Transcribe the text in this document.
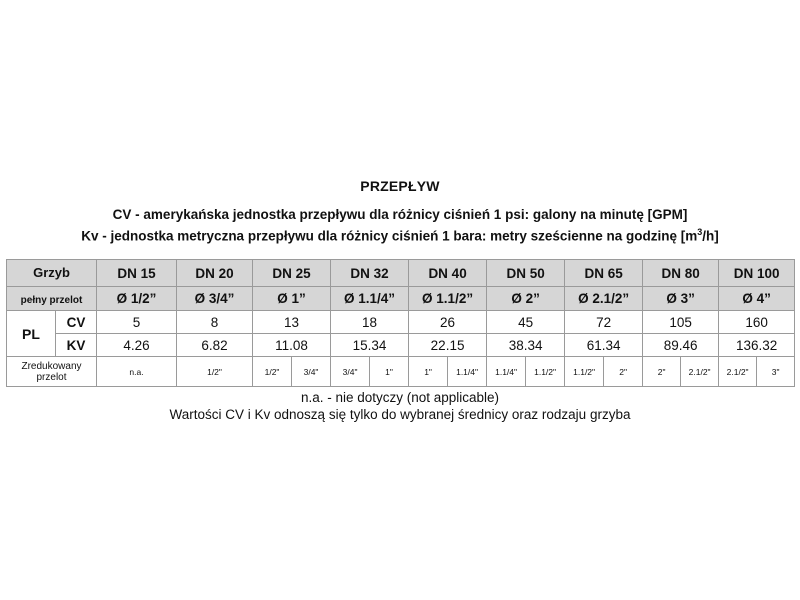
PRZEPŁYW
CV - amerykańska jednostka przepływu dla różnicy ciśnień 1 psi: galony na minutę [GPM]
Kv - jednostka metryczna przepływu dla różnicy ciśnień 1 bara: metry sześcienne na godzinę $[m^3/h]$
Grzyb		DN 15	DN 20	DN 25		DN 32		DN 40		DN 50		DN 65		DN 80		DN 100	
pełny przelot		Ø 1/2”	Ø 3/4”	Ø 1”		Ø 1.1/4”		Ø 1.1/2”		Ø 2”		Ø 2.1/2”		Ø 3”		Ø 4”	
PL	CV	5	8	13		18		26		45		72		105		160	
	KV	4.26	6.82	11.08		15.34		22.15		38.34		61.34		89.46		136.32	

Zredukowany
przelot		n.a.	1/2"	1/2"	3/4"	3/4"	1"	1"	1.1/4"	1.1/4"	1.1/2"	1.1/2"	2"	2"	2.1/2"	2.1/2"	3"
n.a. - nie dotyczy (not applicable)
Wartości CV i Kv odnoszą się tylko do wybranej średnicy oraz rodzaju grzyba
